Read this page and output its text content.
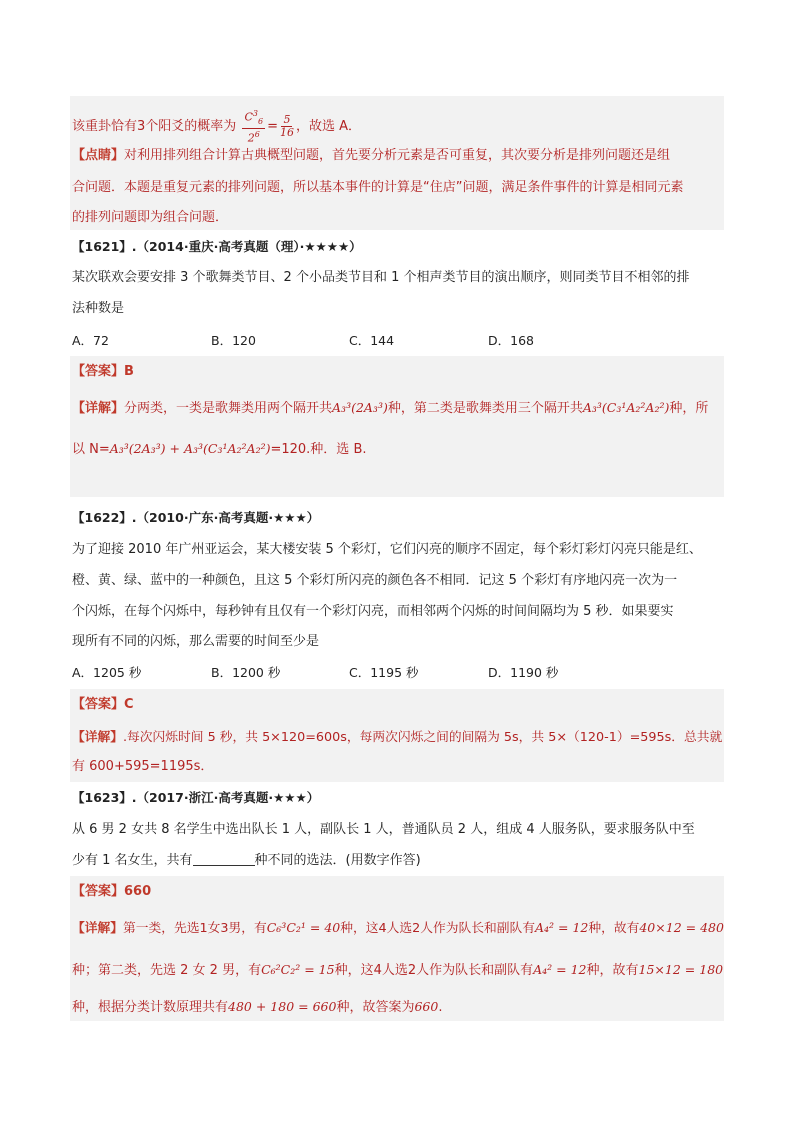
该重卦恰有3个阳爻的概率为 $\frac{C^3_6}{2^6} = \frac{5}{16}$ ，故选 A．
【点睛】对利用排列组合计算古典概型问题，首先要分析元素是否可重复，其次要分析是排列问题还是组
合问题．本题是重复元素的排列问题，所以基本事件的计算是“住店”问题，满足条件事件的计算是相同元素
的排列问题即为组合问题．
【1621】.（2014·重庆·高考真题（理）·★★★★）
某次联欢会要安排 3 个歌舞类节目、2 个小品类节目和 1 个相声类节目的演出顺序，则同类节目不相邻的排
法种数是
A．72	B．120	C．144	D．168
【答案】B
【详解】分两类，一类是歌舞类用两个隔开共A₃³(2A₃³)种，第二类是歌舞类用三个隔开共A₃³(C₃¹A₂²A₂²)种，所
以 N=A₃³(2A₃³) + A₃³(C₃¹A₂²A₂²)=120.种．选 B.
【1622】.（2010·广东·高考真题·★★★）
为了迎接 2010 年广州亚运会，某大楼安装 5 个彩灯，它们闪亮的顺序不固定，每个彩灯彩灯闪亮只能是红、
橙、黄、绿、蓝中的一种颜色，且这 5 个彩灯所闪亮的颜色各不相同．记这 5 个彩灯有序地闪亮一次为一
个闪烁，在每个闪烁中，每秒钟有且仅有一个彩灯闪亮，而相邻两个闪烁的时间间隔均为 5 秒．如果要实
现所有不同的闪烁，那么需要的时间至少是
A．1205 秒	B．1200 秒	C．1195 秒	D．1190 秒
【答案】C
【详解】.每次闪烁时间 5 秒，共 5×120=600s，每两次闪烁之间的间隔为 5s，共 5×（120-1）=595s．总共就
有 600+595=1195s．
【1623】.（2017·浙江·高考真题·★★★）
从 6 男 2 女共 8 名学生中选出队长 1 人，副队长 1 人，普通队员 2 人，组成 4 人服务队，要求服务队中至
少有 1 名女生，共有	种不同的选法．(用数字作答)
【答案】660
【详解】第一类，先选1女3男，有C₆³C₂¹ = 40种，这4人选2人作为队长和副队有A₄² = 12种，故有40×12 = 480
种；第二类，先选 2 女 2 男，有C₆²C₂² = 15种，这4人选2人作为队长和副队有A₄² = 12种，故有15×12 = 180
种，根据分类计数原理共有480 + 180 = 660种，故答案为660.
